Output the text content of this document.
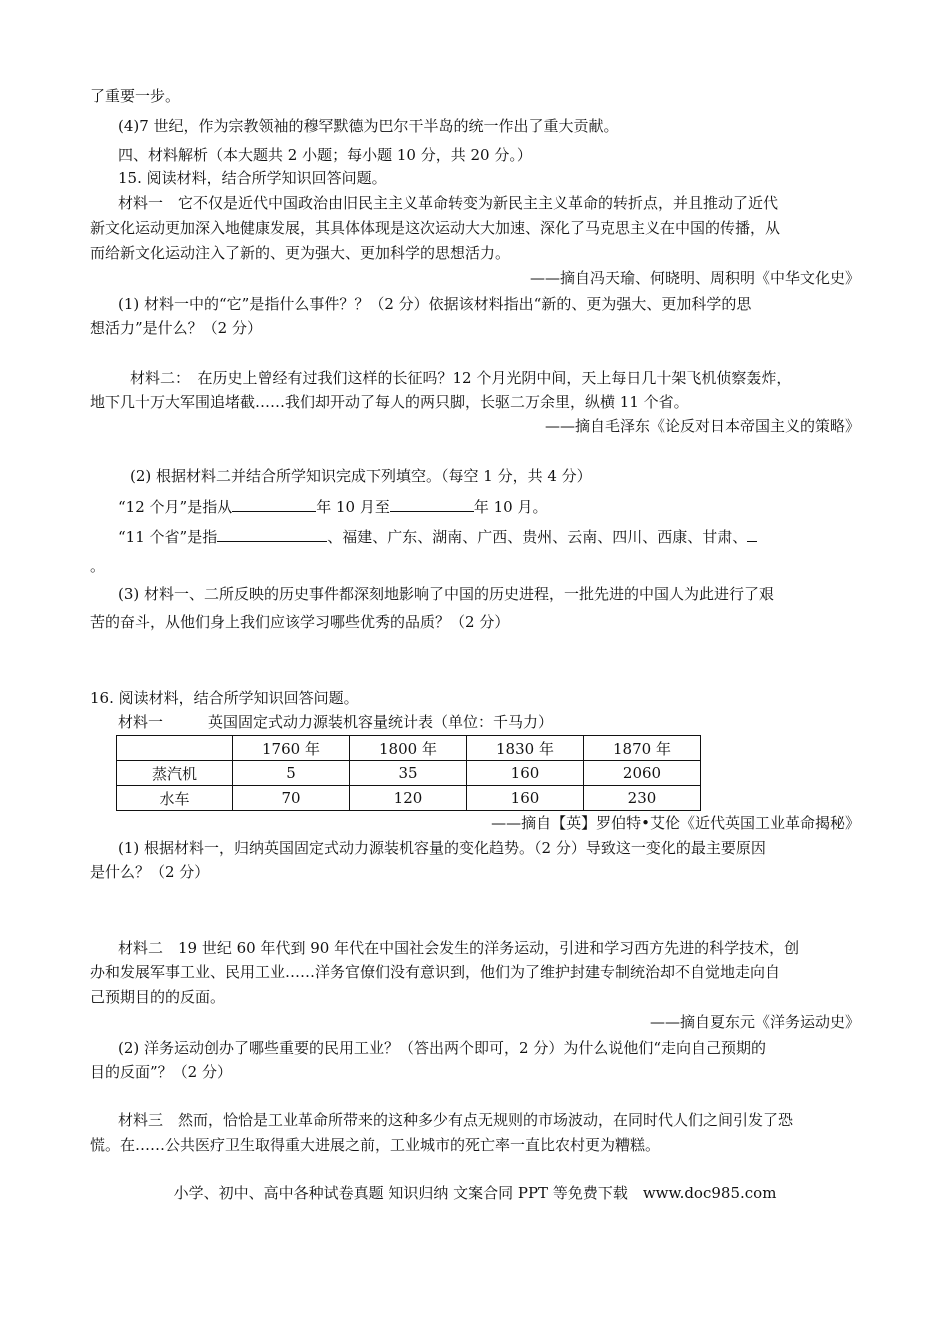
了重要一步。
(4)7 世纪，作为宗教领袖的穆罕默德为巴尔干半岛的统一作出了重大贡献。
四、材料解析（本大题共 2 小题；每小题 10 分，共 20 分。）
15. 阅读材料，结合所学知识回答问题。
材料一　它不仅是近代中国政治由旧民主主义革命转变为新民主主义革命的转折点，并且推动了近代
新文化运动更加深入地健康发展，其具体体现是这次运动大大加速、深化了马克思主义在中国的传播，从
而给新文化运动注入了新的、更为强大、更加科学的思想活力。
——摘自冯天瑜、何晓明、周积明《中华文化史》
(1) 材料一中的“它”是指什么事件？？（2 分）依据该材料指出“新的、更为强大、更加科学的思
想活力”是什么？（2 分）
材料二：　在历史上曾经有过我们这样的长征吗？12 个月光阴中间，天上每日几十架飞机侦察轰炸，
地下几十万大军围追堵截……我们却开动了每人的两只脚，长驱二万余里，纵横 11 个省。
——摘自毛泽东《论反对日本帝国主义的策略》
(2) 根据材料二并结合所学知识完成下列填空。（每空 1 分，共 4 分）
“12 个月”是指从	年 10 月至	年 10 月。
“11 个省”是指	、福建、广东、湖南、广西、贵州、云南、四川、西康、甘肃、
。
(3) 材料一、二所反映的历史事件都深刻地影响了中国的历史进程，一批先进的中国人为此进行了艰
苦的奋斗，从他们身上我们应该学习哪些优秀的品质？（2 分）
16. 阅读材料，结合所学知识回答问题。
材料一　　　英国固定式动力源装机容量统计表（单位：千马力）
	1760 年	1800 年	1830 年	1870 年
蒸汽机	5	35	160	2060
水车	70	120	160	230
——摘自【英】罗伯特•艾伦《近代英国工业革命揭秘》
(1) 根据材料一，归纳英国固定式动力源装机容量的变化趋势。（2 分）导致这一变化的最主要原因
是什么？（2 分）
材料二　19 世纪 60 年代到 90 年代在中国社会发生的洋务运动，引进和学习西方先进的科学技术，创
办和发展军事工业、民用工业……洋务官僚们没有意识到，他们为了维护封建专制统治却不自觉地走向自
己预期目的的反面。
——摘自夏东元《洋务运动史》
(2) 洋务运动创办了哪些重要的民用工业？（答出两个即可，2 分）为什么说他们“走向自己预期的
目的反面”？（2 分）
材料三　然而，恰恰是工业革命所带来的这种多少有点无规则的市场波动，在同时代人们之间引发了恐
慌。在……公共医疗卫生取得重大进展之前，工业城市的死亡率一直比农村更为糟糕。
小学、初中、高中各种试卷真题 知识归纳 文案合同 PPT 等免费下载　www.doc985.com
